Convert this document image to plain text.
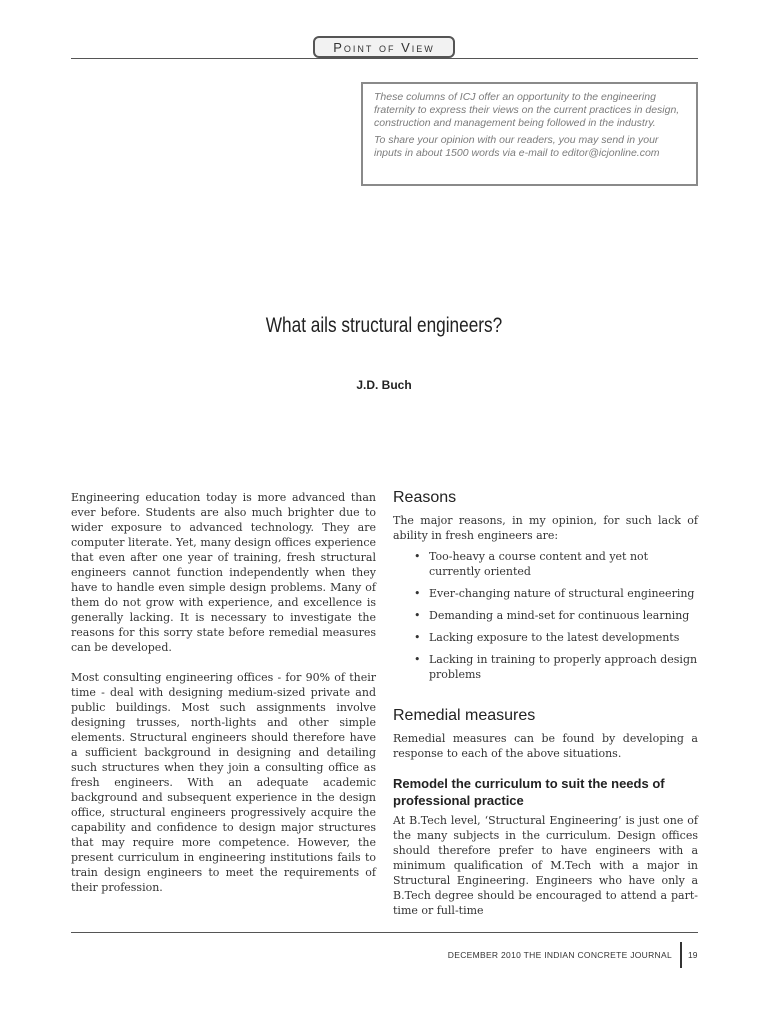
Point of View

These columns of ICJ offer an opportunity to the engineering fraternity to express their views on the current practices in design, construction and management being followed in the industry.

To share your opinion with our readers, you may send in your inputs in about 1500 words via e-mail to editor@icjonline.com

What ails structural engineers?
J.D. Buch

Engineering education today is more advanced than ever before. Students are also much brighter due to wider exposure to advanced technology. They are computer literate. Yet, many design offices experience that even after one year of training, fresh structural engineers cannot function independently when they have to handle even simple design problems. Many of them do not grow with experience, and excellence is generally lacking. It is necessary to investigate the reasons for this sorry state before remedial measures can be developed.

Most consulting engineering offices - for 90% of their time - deal with designing medium-sized private and public buildings. Most such assignments involve designing trusses, north-lights and other simple elements. Structural engineers should therefore have a sufficient background in designing and detailing such structures when they join a consulting office as fresh engineers. With an adequate academic background and subsequent experience in the design office, structural engineers progressively acquire the capability and confidence to design major structures that may require more competence. However, the present curriculum in engineering institutions fails to train design engineers to meet the requirements of their profession.

Reasons

The major reasons, in my opinion, for such lack of ability in fresh engineers are:

• Too-heavy a course content and yet not currently oriented
• Ever-changing nature of structural engineering
• Demanding a mind-set for continuous learning
• Lacking exposure to the latest developments
• Lacking in training to properly approach design problems
Remedial measures

Remedial measures can be found by developing a response to each of the above situations.

Remodel the curriculum to suit the needs of professional practice

At B.Tech level, ‘Structural Engineering’ is just one of the many subjects in the curriculum. Design offices should therefore prefer to have engineers with a minimum qualification of M.Tech with a major in Structural Engineering. Engineers who have only a B.Tech degree should be encouraged to attend a part-time or full-time

DECEMBER 2010 THE INDIAN CONCRETE JOURNAL 19
